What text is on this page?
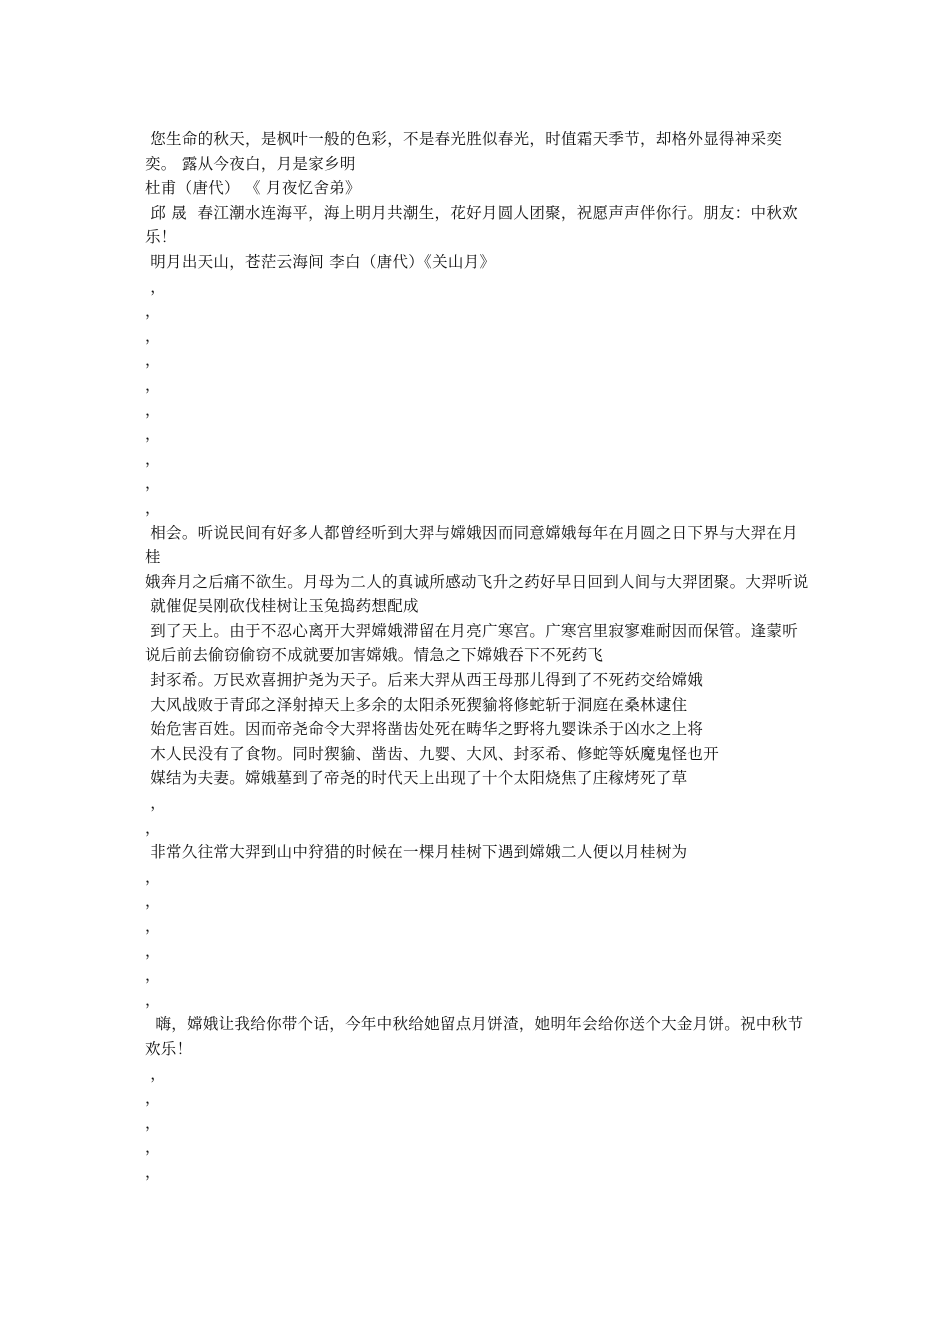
您生命的秋天，是枫叶一般的色彩，不是春光胜似春光，时值霜天季节，却格外显得神采奕奕。 露从今夜白，月是家乡明

杜甫（唐代） 《 月夜忆舍弟》

邱 晟  春江潮水连海平，海上明月共潮生，花好月圆人团聚，祝愿声声伴你行。朋友：中秋欢乐！

明月出天山，苍茫云海间 李白（唐代）《关山月》

，

，

，

，

，

，

，

，

，

，

相会。听说民间有好多人都曾经听到大羿与嫦娥因而同意嫦娥每年在月圆之日下界与大羿在月桂

娥奔月之后痛不欲生。月母为二人的真诚所感动飞升之药好早日回到人间与大羿团聚。大羿听说

就催促吴刚砍伐桂树让玉兔捣药想配成

到了天上。由于不忍心离开大羿嫦娥滞留在月亮广寒宫。广寒宫里寂寥难耐因而保管。逢蒙听说后前去偷窃偷窃不成就要加害嫦娥。情急之下嫦娥吞下不死药飞

封豕希。万民欢喜拥护尧为天子。后来大羿从西王母那儿得到了不死药交给嫦娥

大风战败于青邱之泽射掉天上多余的太阳杀死猰貐将修蛇斩于洞庭在桑林逮住

始危害百姓。因而帝尧命令大羿将凿齿处死在畴华之野将九婴诛杀于凶水之上将

木人民没有了食物。同时猰貐、凿齿、九婴、大风、封豕希、修蛇等妖魔鬼怪也开

媒结为夫妻。嫦娥墓到了帝尧的时代天上出现了十个太阳烧焦了庄稼烤死了草

，

，

非常久往常大羿到山中狩猎的时候在一棵月桂树下遇到嫦娥二人便以月桂树为

，

，

，

，

，

，

嗨，嫦娥让我给你带个话，今年中秋给她留点月饼渣，她明年会给你送个大金月饼。祝中秋节欢乐！

，

，

，

，

，
